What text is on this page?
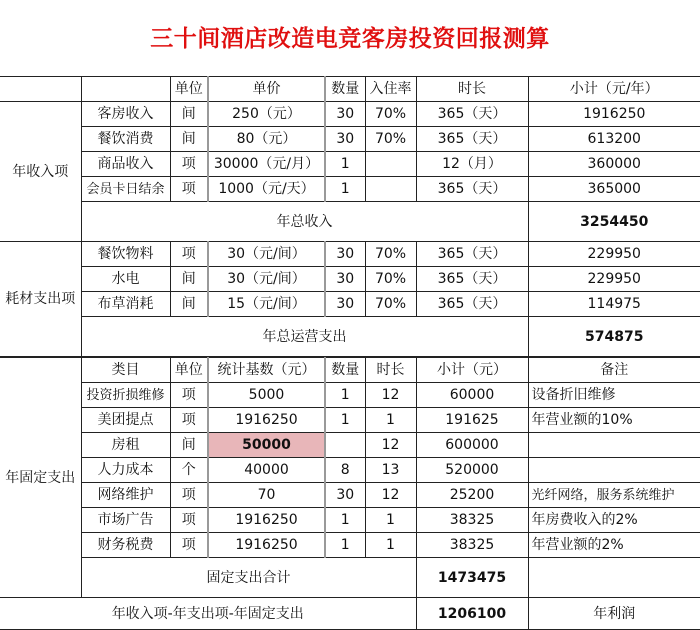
三十间酒店改造电竞客房投资回报测算
		单位	单价	数量	入住率	时长	小计（元/年）
年收入项	客房收入	间	250（元）	30	70%	365（天）	1916250
	餐饮消费	间	80（元）	30	70%	365（天）	613200
	商品收入	项	30000（元/月）	1		12（月）	360000
	会员卡日结余	项	1000（元/天）	1		365（天）	365000
	年总收入						3254450
耗材支出项	餐饮物料	项	30（元/间）	30	70%	365（天）	229950
	水电	间	30（元/间）	30	70%	365（天）	229950
	布草消耗	间	15（元/间）	30	70%	365（天）	114975
	年总运营支出						574875
年固定支出	类目	单位	统计基数（元）	数量	时长	小计（元）	备注
	投资折损维修	项	5000	1	12	60000	设备折旧维修
	美团提点	项	1916250	1	1	191625	年营业额的10%
	房租	间	50000		12	600000	
	人力成本	个	40000	8	13	520000	
	网络维护	项	70	30	12	25200	光纤网络，服务系统维护
	市场广告	项	1916250	1	1	38325	年房费收入的2%
	财务税费	项	1916250	1	1	38325	年营业额的2%
	固定支出合计					1473475	
年收入项-年支出项-年固定支出						1206100	年利润
